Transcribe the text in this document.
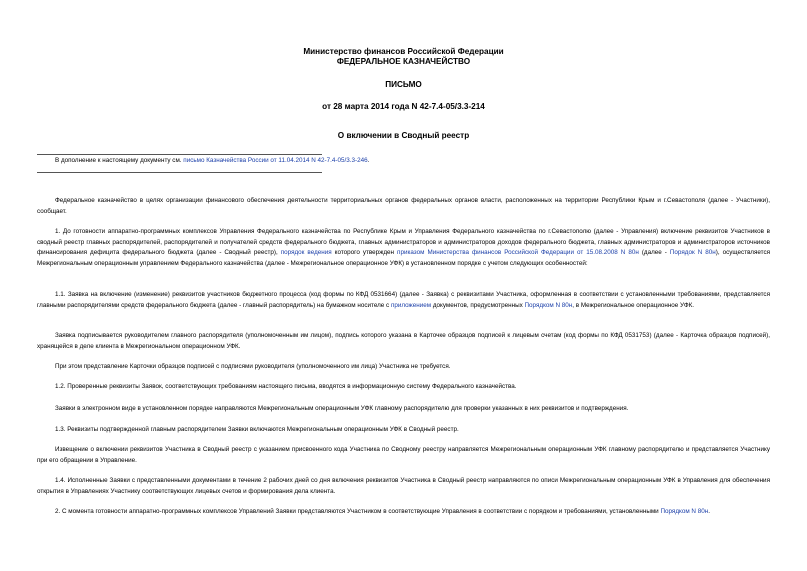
Министерство финансов Российской Федерации
ФЕДЕРАЛЬНОЕ КАЗНАЧЕЙСТВО
ПИСЬМО
от 28 марта 2014 года N 42-7.4-05/3.3-214
О включении в Сводный реестр
В дополнение к настоящему документу см. письмо Казначейства России от 11.04.2014 N 42-7.4-05/3.3-246.
Федеральное казначейство в целях организации финансового обеспечения деятельности территориальных органов федеральных органов власти, расположенных на территории Республики Крым и г.Севастополя (далее - Участники), сообщает.
1. До готовности аппаратно-программных комплексов Управления Федерального казначейства по Республике Крым и Управления Федерального казначейства по г.Севастополю (далее - Управления) включение реквизитов Участников в сводный реестр главных распорядителей, распорядителей и получателей средств федерального бюджета, главных администраторов и администраторов доходов федерального бюджета, главных администраторов и администраторов источников финансирования дефицита федерального бюджета (далее - Сводный реестр), порядок ведения которого утвержден приказом Министерства финансов Российской Федерации от 15.08.2008 N 80н (далее - Порядок N 80н), осуществляется Межрегиональным операционным управлением Федерального казначейства (далее - Межрегиональное операционное УФК) в установленном порядке с учетом следующих особенностей:
1.1. Заявка на включение (изменение) реквизитов участников бюджетного процесса (код формы по КФД 0531664) (далее - Заявка) с реквизитами Участника, оформленная в соответствии с установленными требованиями, представляется главными распорядителями средств федерального бюджета (далее - главный распорядитель) на бумажном носителе с приложением документов, предусмотренных Порядком N 80н, в Межрегиональное операционное УФК.
Заявка подписывается руководителем главного распорядителя (уполномоченным им лицом), подпись которого указана в Карточке образцов подписей к лицевым счетам (код формы по КФД 0531753) (далее - Карточка образцов подписей), хранящейся в деле клиента в Межрегиональном операционном УФК.
При этом представление Карточки образцов подписей с подписями руководителя (уполномоченного им лица) Участника не требуется.
1.2. Проверенные реквизиты Заявок, соответствующих требованиям настоящего письма, вводятся в информационную систему Федерального казначейства.
Заявки в электронном виде в установленном порядке направляются Межрегиональным операционным УФК главному распорядителю для проверки указанных в них реквизитов и подтверждения.
1.3. Реквизиты подтвержденной главным распорядителем Заявки включаются Межрегиональным операционным УФК в Сводный реестр.
Извещение о включении реквизитов Участника в Сводный реестр с указанием присвоенного кода Участника по Сводному реестру направляется Межрегиональным операционным УФК главному распорядителю и представляется Участнику при его обращении в Управление.
1.4. Исполненные Заявки с представленными документами в течение 2 рабочих дней со дня включения реквизитов Участника в Сводный реестр направляются по описи Межрегиональным операционным УФК в Управления для обеспечения открытия в Управлениях Участнику соответствующих лицевых счетов и формирования дела клиента.
2. С момента готовности аппаратно-программных комплексов Управлений Заявки представляются Участником в соответствующие Управления в соответствии с порядком и требованиями, установленными Порядком N 80н.
